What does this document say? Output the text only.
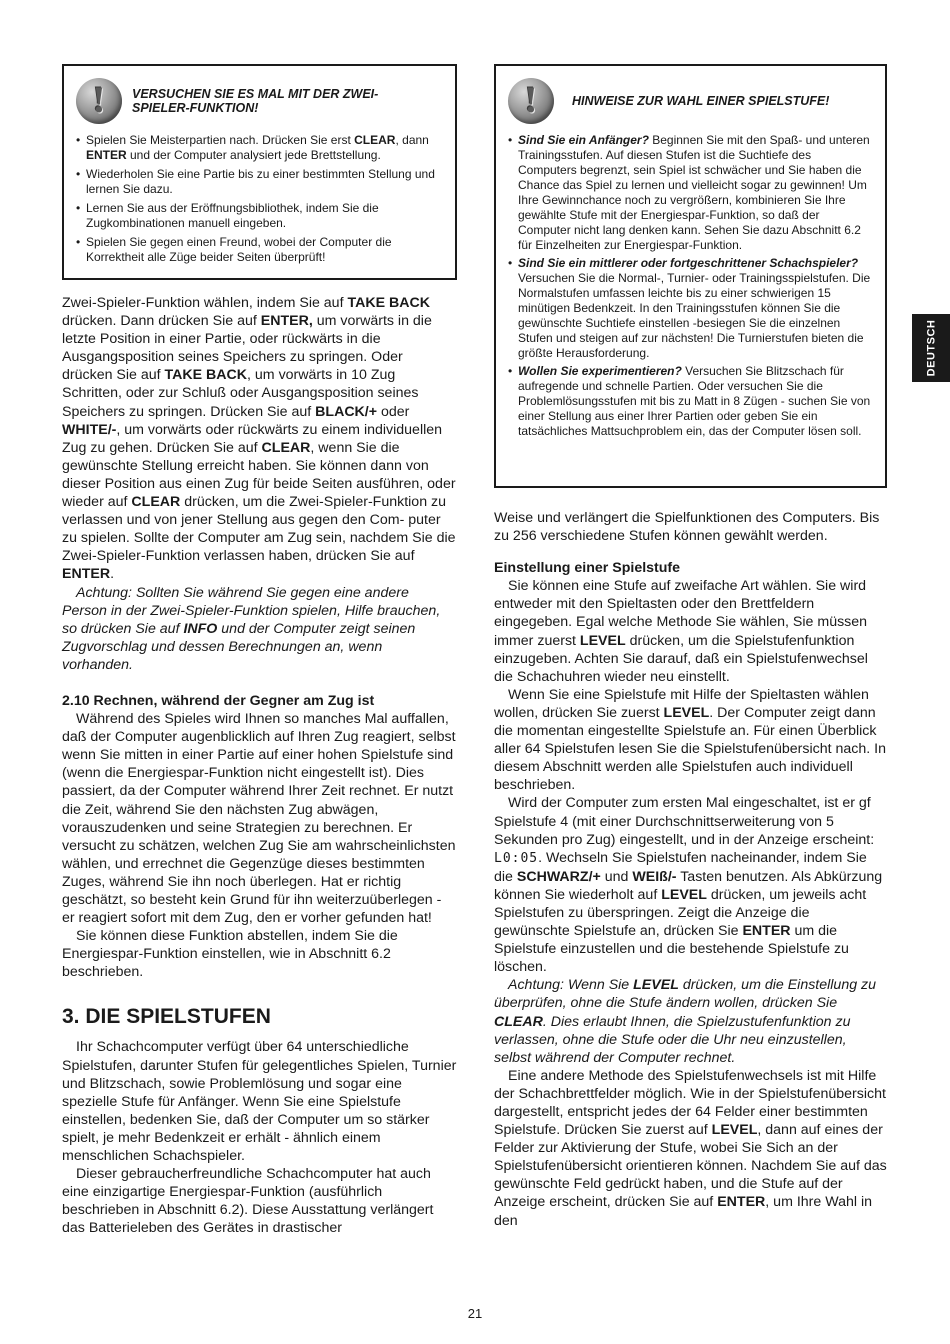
! VERSUCHEN SIE ES MAL MIT DER ZWEI-
SPIELER-FUNKTION!
• Spielen Sie Meisterpartien nach. Drücken Sie erst CLEAR, dann ENTER und der Computer analysiert jede Brettstellung.
• Wiederholen Sie eine Partie bis zu einer bestimmten Stellung und lernen Sie dazu.
• Lernen Sie aus der Eröffnungsbibliothek, indem Sie die Zugkombinationen manuell eingeben.
• Spielen Sie gegen einen Freund, wobei der Computer die Korrektheit alle Züge beider Seiten überprüft!

Zwei-Spieler-Funktion wählen, indem Sie auf TAKE BACK drücken. Dann drücken Sie auf ENTER, um vorwärts in die letzte Position in einer Partie, oder rückwärts in die Ausgangsposition seines Speichers zu springen. Oder drücken Sie auf TAKE BACK, um vorwärts in 10 Zug Schritten, oder zur Schluß oder Ausgangsposition seines Speichers zu springen. Drücken Sie auf BLACK/+ oder WHITE/-, um vorwärts oder rückwärts zu einem individuellen Zug zu gehen. Drücken Sie auf CLEAR, wenn Sie die gewünschte Stellung erreicht haben. Sie können dann von dieser Position aus einen Zug für beide Seiten ausführen, oder wieder auf CLEAR drücken, um die Zwei-Spieler-Funktion zu verlassen und von jener Stellung aus gegen den Com- puter zu spielen. Sollte der Computer am Zug sein, nachdem Sie die Zwei-Spieler-Funktion verlassen haben, drücken Sie auf ENTER.

Achtung: Sollten Sie während Sie gegen eine andere Person in der Zwei-Spieler-Funktion spielen, Hilfe brauchen, so drücken Sie auf INFO und der Computer zeigt seinen Zugvorschlag und dessen Berechnungen an, wenn vorhanden.

2.10 Rechnen, während der Gegner am Zug ist

Während des Spieles wird Ihnen so manches Mal auffallen, daß der Computer augenblicklich auf Ihren Zug reagiert, selbst wenn Sie mitten in einer Partie auf einer hohen Spielstufe sind (wenn die Energiespar-Funktion nicht eingestellt ist). Dies passiert, da der Computer während Ihrer Zeit rechnet. Er nutzt die Zeit, während Sie den nächsten Zug abwägen, vorauszudenken und seine Strategien zu berechnen. Er versucht zu schätzen, welchen Zug Sie am wahrscheinlichsten wählen, und errechnet die Gegenzüge dieses bestimmten Zuges, während Sie ihn noch überlegen. Hat er richtig geschätzt, so besteht kein Grund für ihn weiterzuüberlegen - er reagiert sofort mit dem Zug, den er vorher gefunden hat!

Sie können diese Funktion abstellen, indem Sie die Energiespar-Funktion einstellen, wie in Abschnitt 6.2 beschrieben.

3. DIE SPIELSTUFEN

Ihr Schachcomputer verfügt über 64 unterschiedliche Spielstufen, darunter Stufen für gelegentliches Spielen, Turnier und Blitzschach, sowie Problemlösung und sogar eine spezielle Stufe für Anfänger. Wenn Sie eine Spielstufe einstellen, bedenken Sie, daß der Computer um so stärker spielt, je mehr Bedenkzeit er erhält - ähnlich einem menschlichen Schachspieler.

Dieser gebraucherfreundliche Schachcomputer hat auch eine einzigartige Energiespar-Funktion (ausführlich beschrieben in Abschnitt 6.2). Diese Ausstattung verlängert das Batterieleben des Gerätes in drastischer

!	HINWEISE ZUR WAHL EINER SPIELSTUFE!
• Sind Sie ein Anfänger? Beginnen Sie mit den Spaß- und unteren Trainingsstufen. Auf diesen Stufen ist die Suchtiefe des Computers begrenzt, sein Spiel ist schwächer und Sie haben die Chance das Spiel zu lernen und vielleicht sogar zu gewinnen! Um Ihre Gewinnchance noch zu vergrößern, kombinieren Sie Ihre gewählte Stufe mit der Energiespar-Funktion, so daß der Computer nicht lang denken kann. Sehen Sie dazu Abschnitt 6.2 für Einzelheiten zur Energiespar-Funktion.
• Sind Sie ein mittlerer oder fortgeschrittener Schachspieler? Versuchen Sie die Normal-, Turnier- oder Trainingsspielstufen. Die Normalstufen umfassen leichte bis zu einer schwierigen 15 minütigen Bedenkzeit. In den Trainingsstufen können Sie die gewünschte Suchtiefe einstellen -besiegen Sie die einzelnen Stufen und steigen auf zur nächsten! Die Turnierstufen bieten die größte Herausforderung.
• Wollen Sie experimentieren? Versuchen Sie Blitzschach für aufregende und schnelle Partien. Oder versuchen Sie die Problemlösungsstufen mit bis zu Matt in 8 Zügen - suchen Sie von einer Stellung aus einer Ihrer Partien oder geben Sie ein tatsächliches Mattsuchproblem ein, das der Computer lösen soll.

Weise und verlängert die Spielfunktionen des Computers. Bis zu 256 verschiedene Stufen können gewählt werden.

Einstellung einer Spielstufe

Sie können eine Stufe auf zweifache Art wählen. Sie wird entweder mit den Spieltasten oder den Brettfeldern eingegeben. Egal welche Methode Sie wählen, Sie müssen immer zuerst LEVEL drücken, um die Spielstufenfunktion einzugeben. Achten Sie darauf, daß ein Spielstufenwechsel die Schachuhren wieder neu einstellt.

Wenn Sie eine Spielstufe mit Hilfe der Spieltasten wählen wollen, drücken Sie zuerst LEVEL. Der Computer zeigt dann die momentan eingestellte Spielstufe an. Für einen Überblick aller 64 Spielstufen lesen Sie die Spielstufenübersicht nach. In diesem Abschnitt werden alle Spielstufen auch individuell beschrieben.

Wird der Computer zum ersten Mal eingeschaltet, ist er gf Spielstufe 4 (mit einer Durchschnittserweiterung von 5 Sekunden pro Zug) eingestellt, und in der Anzeige erscheint: L0:05. Wechseln Sie Spielstufen nacheinander, indem Sie die SCHWARZ/+ und WEIß/- Tasten benutzen. Als Abkürzung können Sie wiederholt auf LEVEL drücken, um jeweils acht Spielstufen zu überspringen. Zeigt die Anzeige die gewünschte Spielstufe an, drücken Sie ENTER um die Spielstufe einzustellen und die bestehende Spielstufe zu löschen.

Achtung: Wenn Sie LEVEL drücken, um die Einstellung zu überprüfen, ohne die Stufe ändern wollen, drücken Sie CLEAR. Dies erlaubt Ihnen, die Spielzustufenfunktion zu verlassen, ohne die Stufe oder die Uhr neu einzustellen, selbst während der Computer rechnet.

Eine andere Methode des Spielstufenwechsels ist mit Hilfe der Schachbrettfelder möglich. Wie in der Spielstufenübersicht dargestellt, entspricht jedes der 64 Felder einer bestimmten Spielstufe. Drücken Sie zuerst auf LEVEL, dann auf eines der Felder zur Aktivierung der Stufe, wobei Sie Sich an der Spielstufenübersicht orientieren können. Nachdem Sie auf das gewünschte Feld gedrückt haben, und die Stufe auf der Anzeige erscheint, drücken Sie auf ENTER, um Ihre Wahl in den

DEUTSCH
21
